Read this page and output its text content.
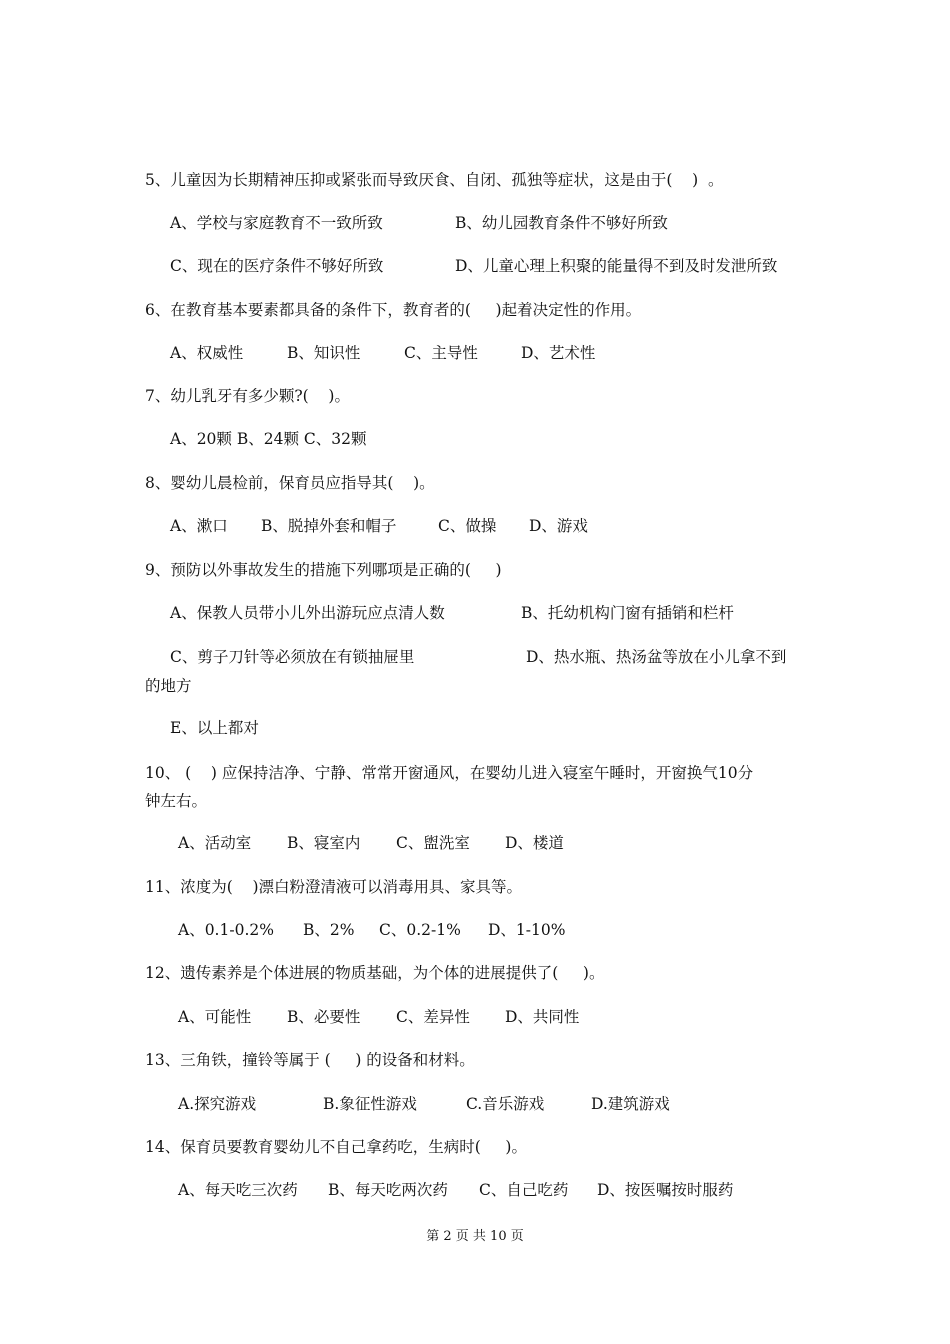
5、儿童因为长期精神压抑或紧张而导致厌食、自闭、孤独等症状，这是由于(    )  。
A、学校与家庭教育不一致所致	B、幼儿园教育条件不够好所致
C、现在的医疗条件不够好所致	D、儿童心理上积聚的能量得不到及时发泄所致
6、在教育基本要素都具备的条件下，教育者的(     )起着决定性的作用。
A、权威性	B、知识性	C、主导性	D、艺术性
7、幼儿乳牙有多少颗?(    )。
A、20颗 B、24颗 C、32颗
8、婴幼儿晨检前，保育员应指导其(    )。
A、漱口 B、脱掉外套和帽子	C、做操 D、游戏
9、预防以外事故发生的措施下列哪项是正确的(     )
A、保教人员带小儿外出游玩应点清人数	B、托幼机构门窗有插销和栏杆
C、剪子刀针等必须放在有锁抽屉里	D、热水瓶、热汤盆等放在小儿拿不到
的地方
E、以上都对
10、 (    ) 应保持洁净、宁静、常常开窗通风，在婴幼儿进入寝室午睡时，开窗换气10分
钟左右。
A、活动室 B、寝室内 C、盥洗室 D、楼道
11、浓度为(    )漂白粉澄清液可以消毒用具、家具等。
A、0.1-0.2% B、2% C、0.2-1% D、1-10%
12、遗传素养是个体进展的物质基础，为个体的进展提供了(     )。
A、可能性 B、必要性 C、差异性 D、共同性
13、三角铁，撞铃等属于 (     ) 的设备和材料。
A.探究游戏	B.象征性游戏	C.音乐游戏	D.建筑游戏
14、保育员要教育婴幼儿不自己拿药吃，生病时(     )。
A、每天吃三次药 B、每天吃两次药 C、自己吃药 D、按医嘱按时服药
第 2 页 共 10 页
